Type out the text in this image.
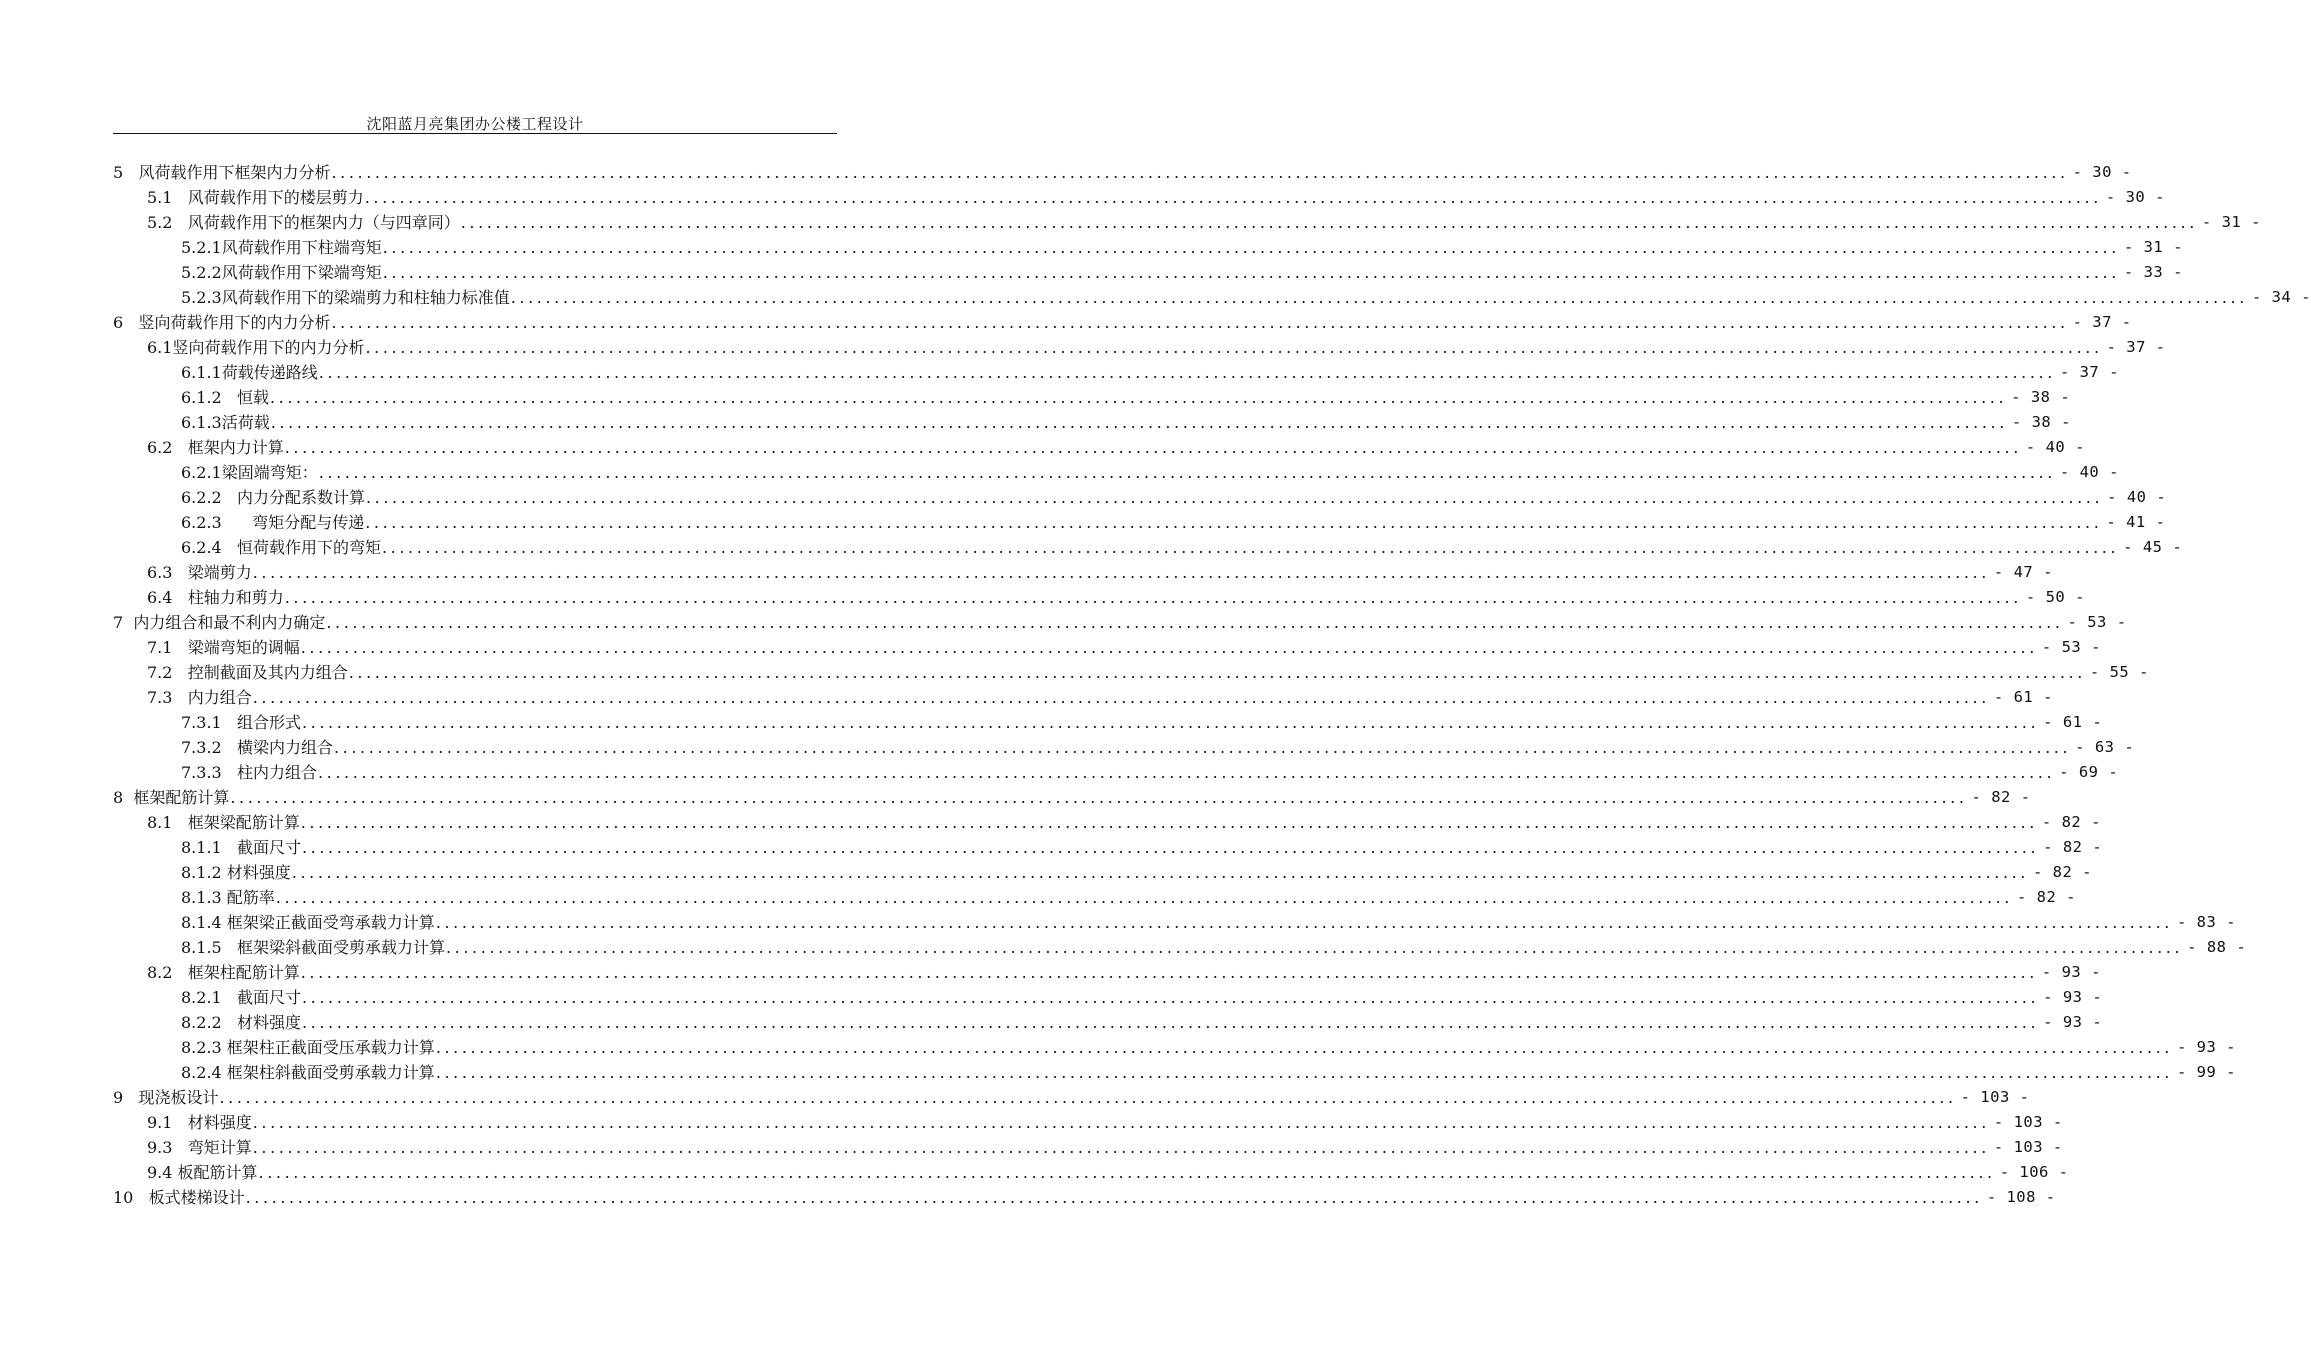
沈阳蓝月亮集团办公楼工程设计
5   风荷载作用下框架内力分析 ........................................................................................................................................................................................................ - 30 -
5.1   风荷载作用下的楼层剪力 ........................................................................................................................................................................................................ - 30 -
5.2   风荷载作用下的框架内力（与四章同） ........................................................................................................................................................................................................ - 31 -
5.2.1风荷载作用下柱端弯矩 ........................................................................................................................................................................................................ - 31 -
5.2.2风荷载作用下梁端弯矩 ........................................................................................................................................................................................................ - 33 -
5.2.3风荷载作用下的梁端剪力和柱轴力标准值 ........................................................................................................................................................................................................ - 34 -
6   竖向荷载作用下的内力分析 ........................................................................................................................................................................................................ - 37 -
6.1竖向荷载作用下的内力分析 ........................................................................................................................................................................................................ - 37 -
6.1.1荷载传递路线 ........................................................................................................................................................................................................ - 37 -
6.1.2   恒载 ........................................................................................................................................................................................................ - 38 -
6.1.3活荷载 ........................................................................................................................................................................................................ - 38 -
6.2   框架内力计算 ........................................................................................................................................................................................................ - 40 -
6.2.1梁固端弯矩： ........................................................................................................................................................................................................ - 40 -
6.2.2   内力分配系数计算 ........................................................................................................................................................................................................ - 40 -
6.2.3      弯矩分配与传递 ........................................................................................................................................................................................................ - 41 -
6.2.4   恒荷载作用下的弯矩 ........................................................................................................................................................................................................ - 45 -
6.3   梁端剪力 ........................................................................................................................................................................................................ - 47 -
6.4   柱轴力和剪力 ........................................................................................................................................................................................................ - 50 -
7  内力组合和最不利内力确定 ........................................................................................................................................................................................................ - 53 -
7.1   梁端弯矩的调幅 ........................................................................................................................................................................................................ - 53 -
7.2   控制截面及其内力组合 ........................................................................................................................................................................................................ - 55 -
7.3   内力组合 ........................................................................................................................................................................................................ - 61 -
7.3.1   组合形式 ........................................................................................................................................................................................................ - 61 -
7.3.2   横梁内力组合 ........................................................................................................................................................................................................ - 63 -
7.3.3   柱内力组合 ........................................................................................................................................................................................................ - 69 -
8  框架配筋计算 ........................................................................................................................................................................................................ - 82 -
8.1   框架梁配筋计算 ........................................................................................................................................................................................................ - 82 -
8.1.1   截面尺寸 ........................................................................................................................................................................................................ - 82 -
8.1.2 材料强度 ........................................................................................................................................................................................................ - 82 -
8.1.3 配筋率 ........................................................................................................................................................................................................ - 82 -
8.1.4 框架梁正截面受弯承载力计算 ........................................................................................................................................................................................................ - 83 -
8.1.5   框架梁斜截面受剪承载力计算 ........................................................................................................................................................................................................ - 88 -
8.2   框架柱配筋计算 ........................................................................................................................................................................................................ - 93 -
8.2.1   截面尺寸 ........................................................................................................................................................................................................ - 93 -
8.2.2   材料强度 ........................................................................................................................................................................................................ - 93 -
8.2.3 框架柱正截面受压承载力计算 ........................................................................................................................................................................................................ - 93 -
8.2.4 框架柱斜截面受剪承载力计算 ........................................................................................................................................................................................................ - 99 -
9   现浇板设计 ........................................................................................................................................................................................................ - 103 -
9.1   材料强度 ........................................................................................................................................................................................................ - 103 -
9.3   弯矩计算 ........................................................................................................................................................................................................ - 103 -
9.4 板配筋计算 ........................................................................................................................................................................................................ - 106 -
10   板式楼梯设计 ........................................................................................................................................................................................................ - 108 -
